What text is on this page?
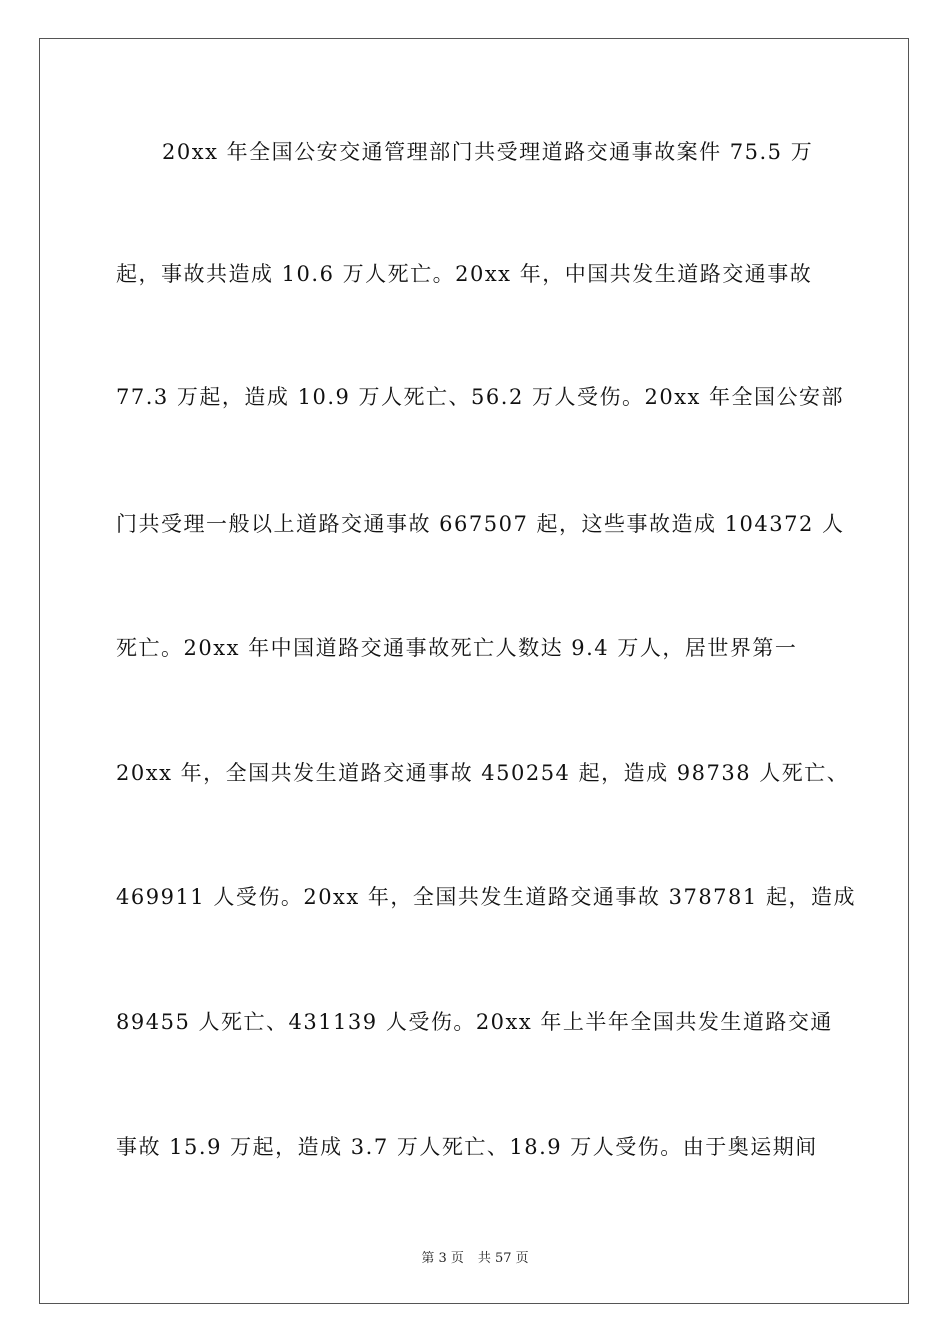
20xx 年全国公安交通管理部门共受理道路交通事故案件 75.5 万
起，事故共造成 10.6 万人死亡。20xx 年，中国共发生道路交通事故
77.3 万起，造成 10.9 万人死亡、56.2 万人受伤。20xx 年全国公安部
门共受理一般以上道路交通事故 667507 起，这些事故造成 104372 人
死亡。20xx 年中国道路交通事故死亡人数达 9.4 万人，居世界第一
20xx 年，全国共发生道路交通事故 450254 起，造成 98738 人死亡、
469911 人受伤。20xx 年，全国共发生道路交通事故 378781 起，造成
89455 人死亡、431139 人受伤。20xx 年上半年全国共发生道路交通
事故 15.9 万起，造成 3.7 万人死亡、18.9 万人受伤。由于奥运期间
第 3 页 共 57 页
